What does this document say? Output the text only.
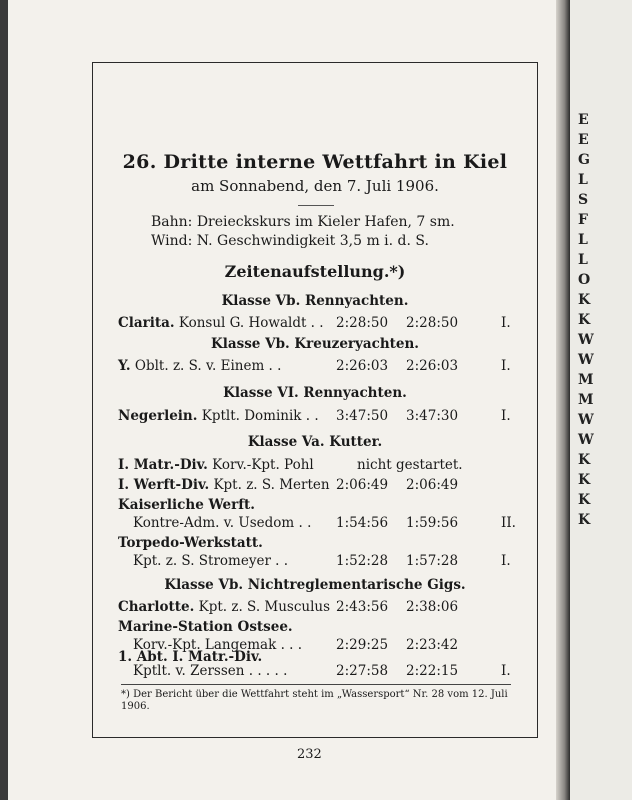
26. Dritte interne Wettfahrt in Kiel
am Sonnabend, den 7. Juli 1906.
Bahn: Dreieckskurs im Kieler Hafen, 7 sm.
Wind: N. Geschwindigkeit 3,5 m i. d. S.
Zeitenaufstellung.*)
Klasse Vb. Rennyachten.
Clarita. Konsul G. Howaldt . . 2:28:50 2:28:50	I.
Klasse Vb. Kreuzeryachten.
Y. Oblt. z. S. v. Einem . .	2:26:03 2:26:03	I.
Klasse VI. Rennyachten.
Negerlein. Kptlt. Dominik . . 3:47:50 3:47:30	I.
Klasse Va. Kutter.
I. Matr.-Div. Korv.-Kpt. Pohl	nicht gestartet.
I. Werft-Div. Kpt. z. S. Merten 2:06:49 2:06:49
Kaiserliche Werft.
Kontre-Adm. v. Usedom . . 1:54:56 1:59:56	II.
Torpedo-Werkstatt.
Kpt. z. S. Stromeyer . .	1:52:28 1:57:28	I.
Klasse Vb. Nichtreglementarische Gigs.
Charlotte. Kpt. z. S. Musculus 2:43:56 2:38:06
Marine-Station Ostsee.
Korv.-Kpt. Langemak . . .	2:29:25 2:23:42
1. Abt. I. Matr.-Div.
Kptlt. v. Zerssen . . . . .	2:27:58 2:22:15	I.
*) Der Bericht über die Wettfahrt steht im „Wassersport“ Nr. 28 vom 12. Juli 1906.
232
E
E
G
L
S
F
L
L
O
K
K
W
W
M
M
W
W
K
K
K
K
